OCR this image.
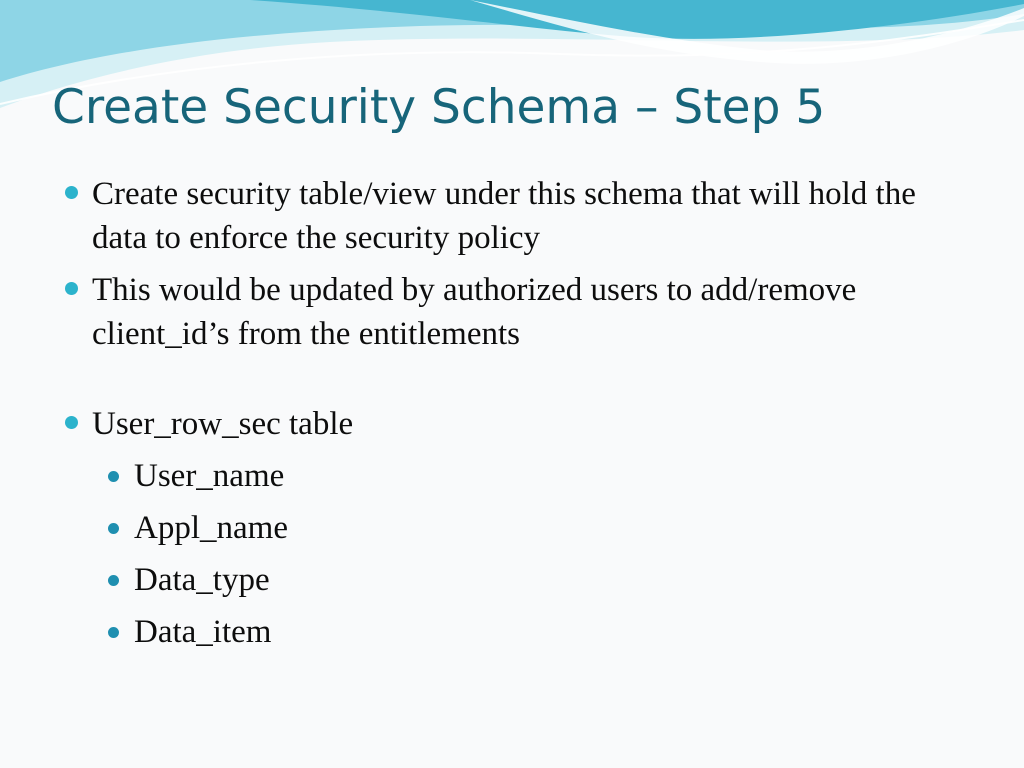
Create Security Schema – Step 5
Create security table/view under this schema that will hold the data to enforce the security policy
This would be updated by authorized users to add/remove client_id’s from the entitlements
User_row_sec table
User_name
Appl_name
Data_type
Data_item
